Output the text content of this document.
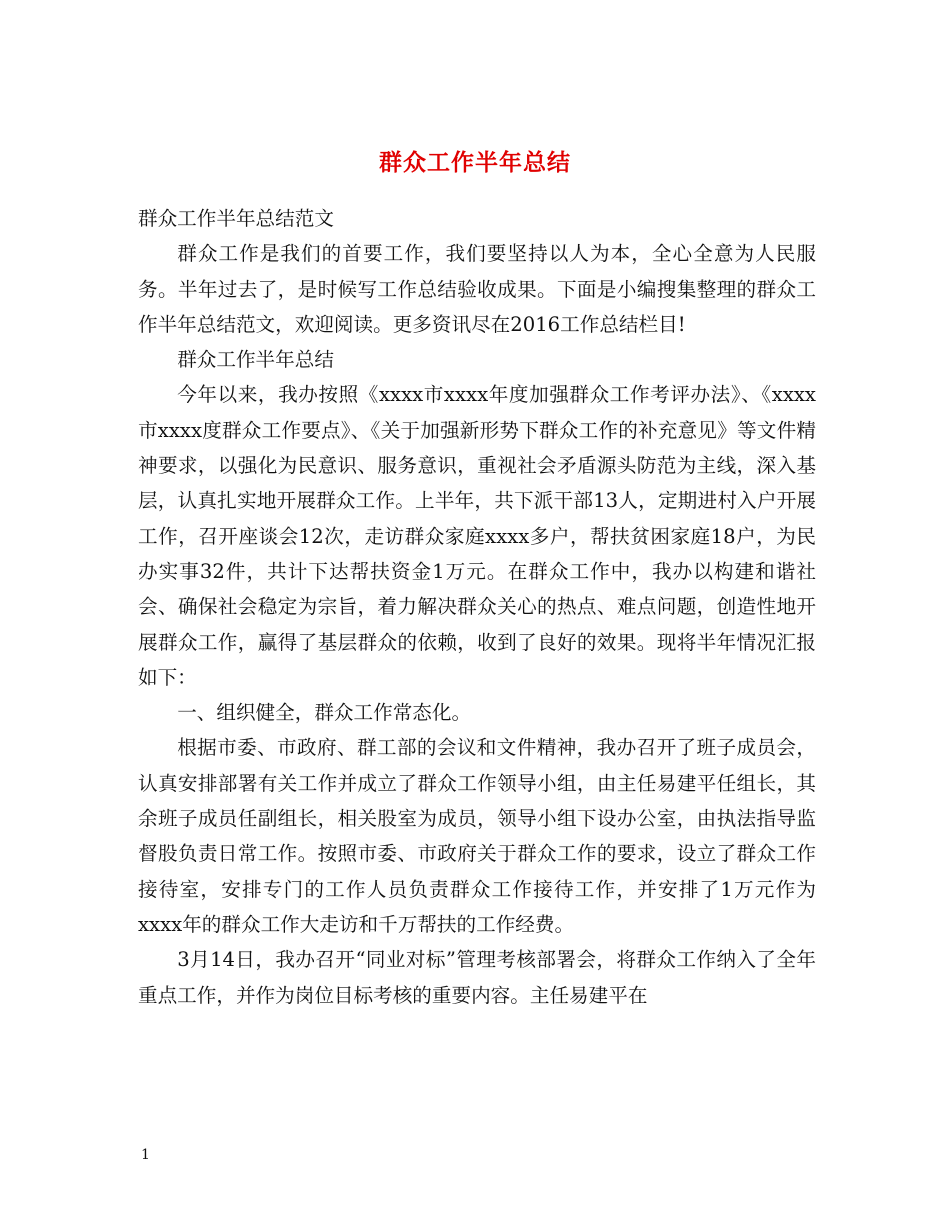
群众工作半年总结

群众工作半年总结范文

群众工作是我们的首要工作，我们要坚持以人为本，全心全意为人民服务。半年过去了，是时候写工作总结验收成果。下面是小编搜集整理的群众工作半年总结范文，欢迎阅读。更多资讯尽在2016工作总结栏目!

群众工作半年总结

今年以来，我办按照《xxxx市xxxx年度加强群众工作考评办法》、《xxxx市xxxx度群众工作要点》、《关于加强新形势下群众工作的补充意见》等文件精神要求，以强化为民意识、服务意识，重视社会矛盾源头防范为主线，深入基层，认真扎实地开展群众工作。上半年，共下派干部13人，定期进村入户开展工作，召开座谈会12次，走访群众家庭xxxx多户，帮扶贫困家庭18户，为民办实事32件，共计下达帮扶资金1万元。在群众工作中，我办以构建和谐社会、确保社会稳定为宗旨，着力解决群众关心的热点、难点问题，创造性地开展群众工作，赢得了基层群众的依赖，收到了良好的效果。现将半年情况汇报如下：

一、组织健全，群众工作常态化。

根据市委、市政府、群工部的会议和文件精神，我办召开了班子成员会，认真安排部署有关工作并成立了群众工作领导小组，由主任易建平任组长，其余班子成员任副组长，相关股室为成员，领导小组下设办公室，由执法指导监督股负责日常工作。按照市委、市政府关于群众工作的要求，设立了群众工作接待室，安排专门的工作人员负责群众工作接待工作，并安排了1万元作为xxxx年的群众工作大走访和千万帮扶的工作经费。

3月14日，我办召开“同业对标”管理考核部署会，将群众工作纳入了全年重点工作，并作为岗位目标考核的重要内容。主任易建平在

1
